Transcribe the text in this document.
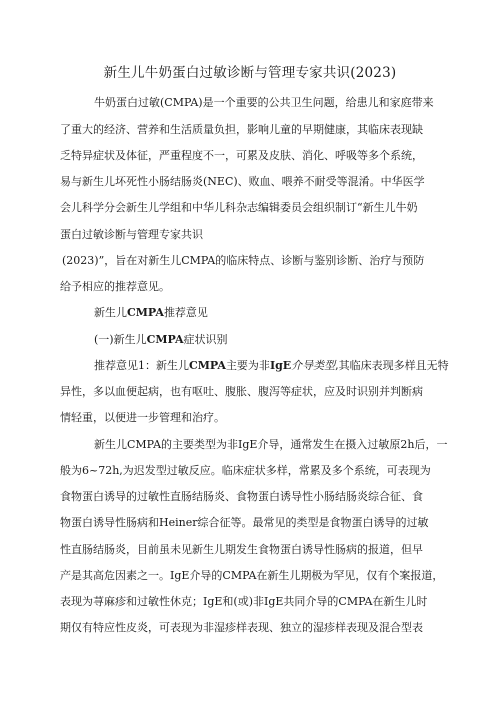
新生儿牛奶蛋白过敏诊断与管理专家共识(2023)
牛奶蛋白过敏(CMPA)是一个重要的公共卫生问题，给患儿和家庭带来
了重大的经济、营养和生活质量负担，影响儿童的早期健康，其临床表现缺
乏特异症状及体征，严重程度不一，可累及皮肤、消化、呼吸等多个系统，
易与新生儿坏死性小肠结肠炎(NEC)、败血、喂养不耐受等混淆。中华医学
会儿科学分会新生儿学组和中华儿科杂志编辑委员会组织制订“新生儿牛奶
蛋白过敏诊断与管理专家共识
(2023)”，旨在对新生儿CMPA的临床特点、诊断与鉴别诊断、治疗与预防
给予相应的推荐意见。
新生儿CMPA推荐意见
(一)新生儿CMPA症状识别
推荐意见1：新生儿CMPA主要为非IgE介导类型,其临床表现多样且无特
异性，多以血便起病，也有呕吐、腹胀、腹泻等症状，应及时识别并判断病
情轻重，以便进一步管理和治疗。
新生儿CMPA的主要类型为非IgE介导，通常发生在摄入过敏原2h后，一
般为6~72h,为迟发型过敏反应。临床症状多样，常累及多个系统，可表现为
食物蛋白诱导的过敏性直肠结肠炎、食物蛋白诱导性小肠结肠炎综合征、食
物蛋白诱导性肠病和Heiner综合征等。最常见的类型是食物蛋白诱导的过敏
性直肠结肠炎，目前虽未见新生儿期发生食物蛋白诱导性肠病的报道，但早
产是其高危因素之一。IgE介导的CMPA在新生儿期极为罕见，仅有个案报道，
表现为荨麻疹和过敏性休克；IgE和(或)非IgE共同介导的CMPA在新生儿时
期仅有特应性皮炎，可表现为非湿疹样表现、独立的湿疹样表现及混合型表
